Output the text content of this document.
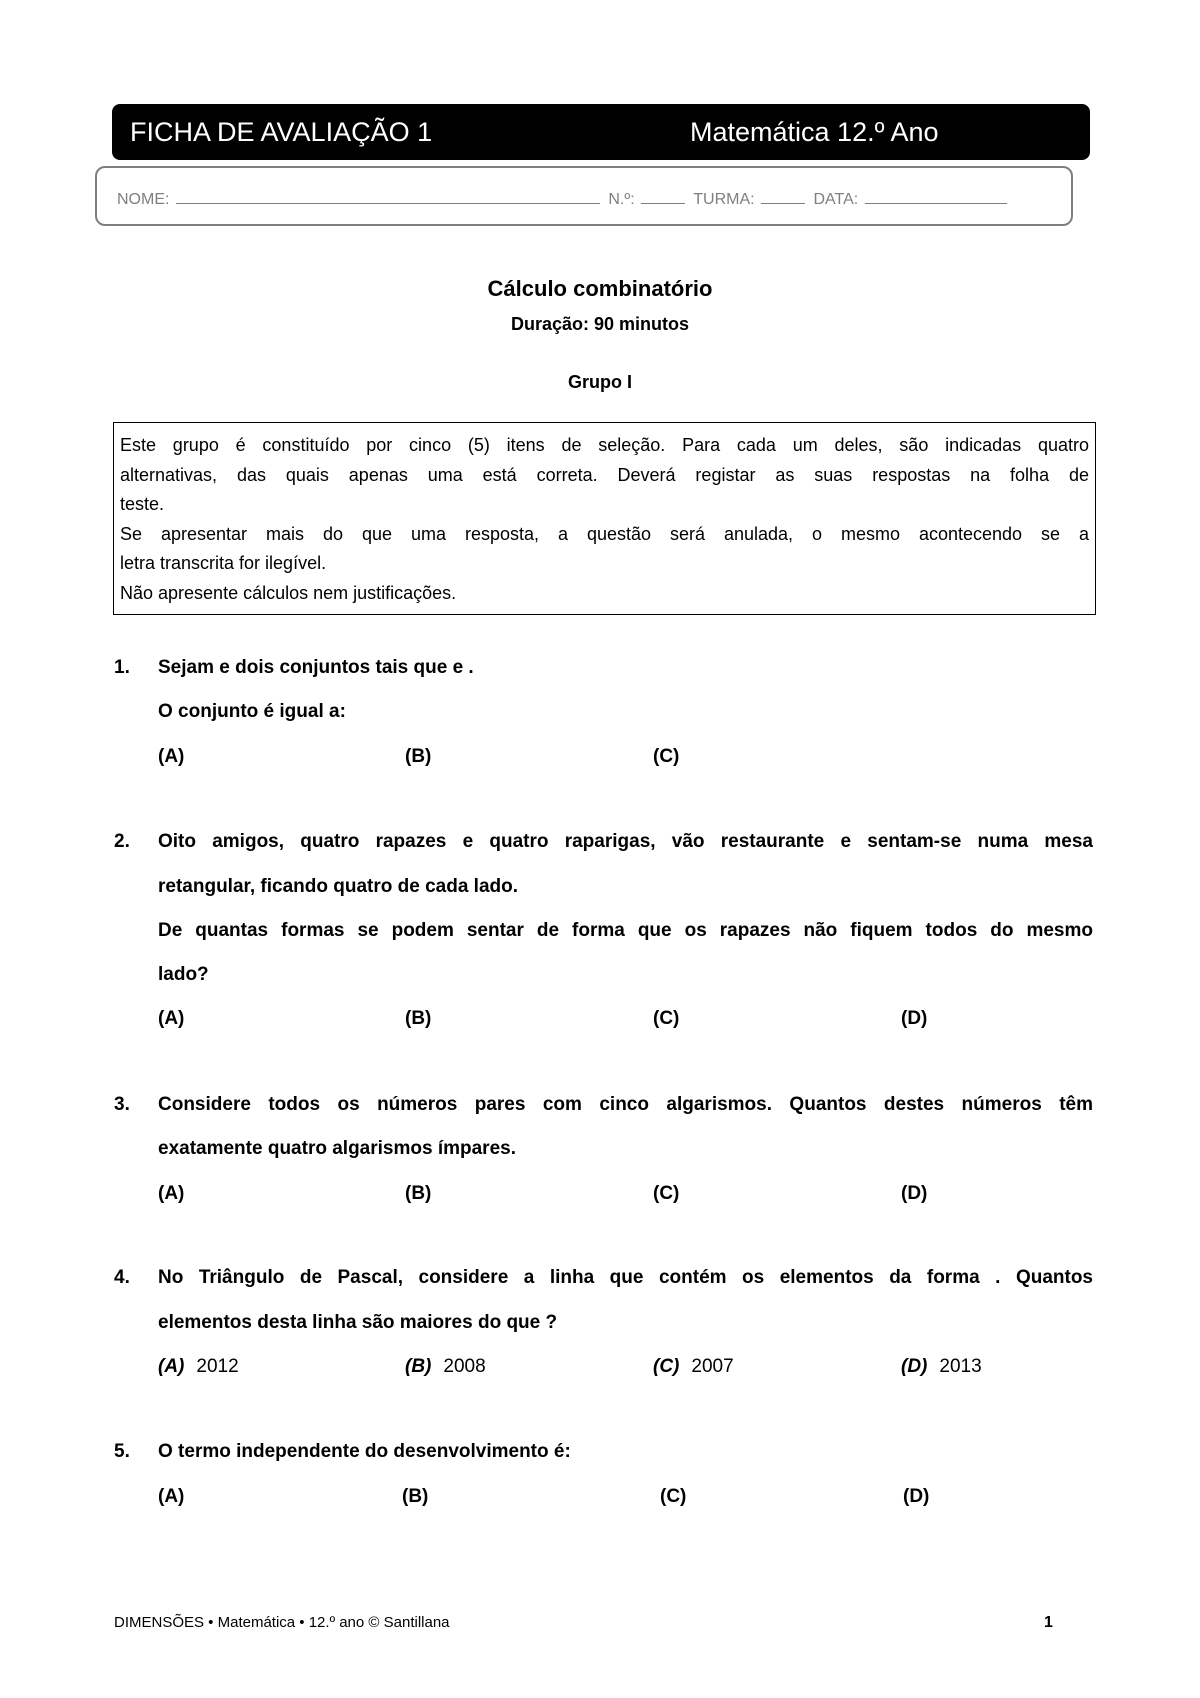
FICHA DE AVALIAÇÃO 1	Matemática 12.º Ano
NOME:	N.º:	TURMA:	DATA:
Cálculo combinatório
Duração: 90 minutos
Grupo I

Este grupo é constituído por cinco (5) itens de seleção. Para cada um deles, são indicadas quatro

alternativas, das quais apenas uma está correta. Deverá registar as suas respostas na folha de

teste.

Se apresentar mais do que uma resposta, a questão será anulada, o mesmo acontecendo se a

letra transcrita for ilegível.

Não apresente cálculos nem justificações.

1. Sejam e dois conjuntos tais que e .
O conjunto é igual a:
(A)	(B)	(C)
2. Oito amigos, quatro rapazes e quatro raparigas, vão restaurante e sentam-se numa mesa
retangular, ficando quatro de cada lado.
De quantas formas se podem sentar de forma que os rapazes não fiquem todos do mesmo
lado?
(A)	(B)	(C)	(D)
3. Considere todos os números pares com cinco algarismos. Quantos destes números têm
exatamente quatro algarismos ímpares.
(A)	(B)	(C)	(D)
4. No Triângulo de Pascal, considere a linha que contém os elementos da forma . Quantos
elementos desta linha são maiores do que ?
(A) 2012	(B) 2008	(C) 2007	(D) 2013
5. O termo independente do desenvolvimento é:
(A)	(B)	(C)	(D)
DIMENSÕES • Matemática • 12.º ano © Santillana	1
